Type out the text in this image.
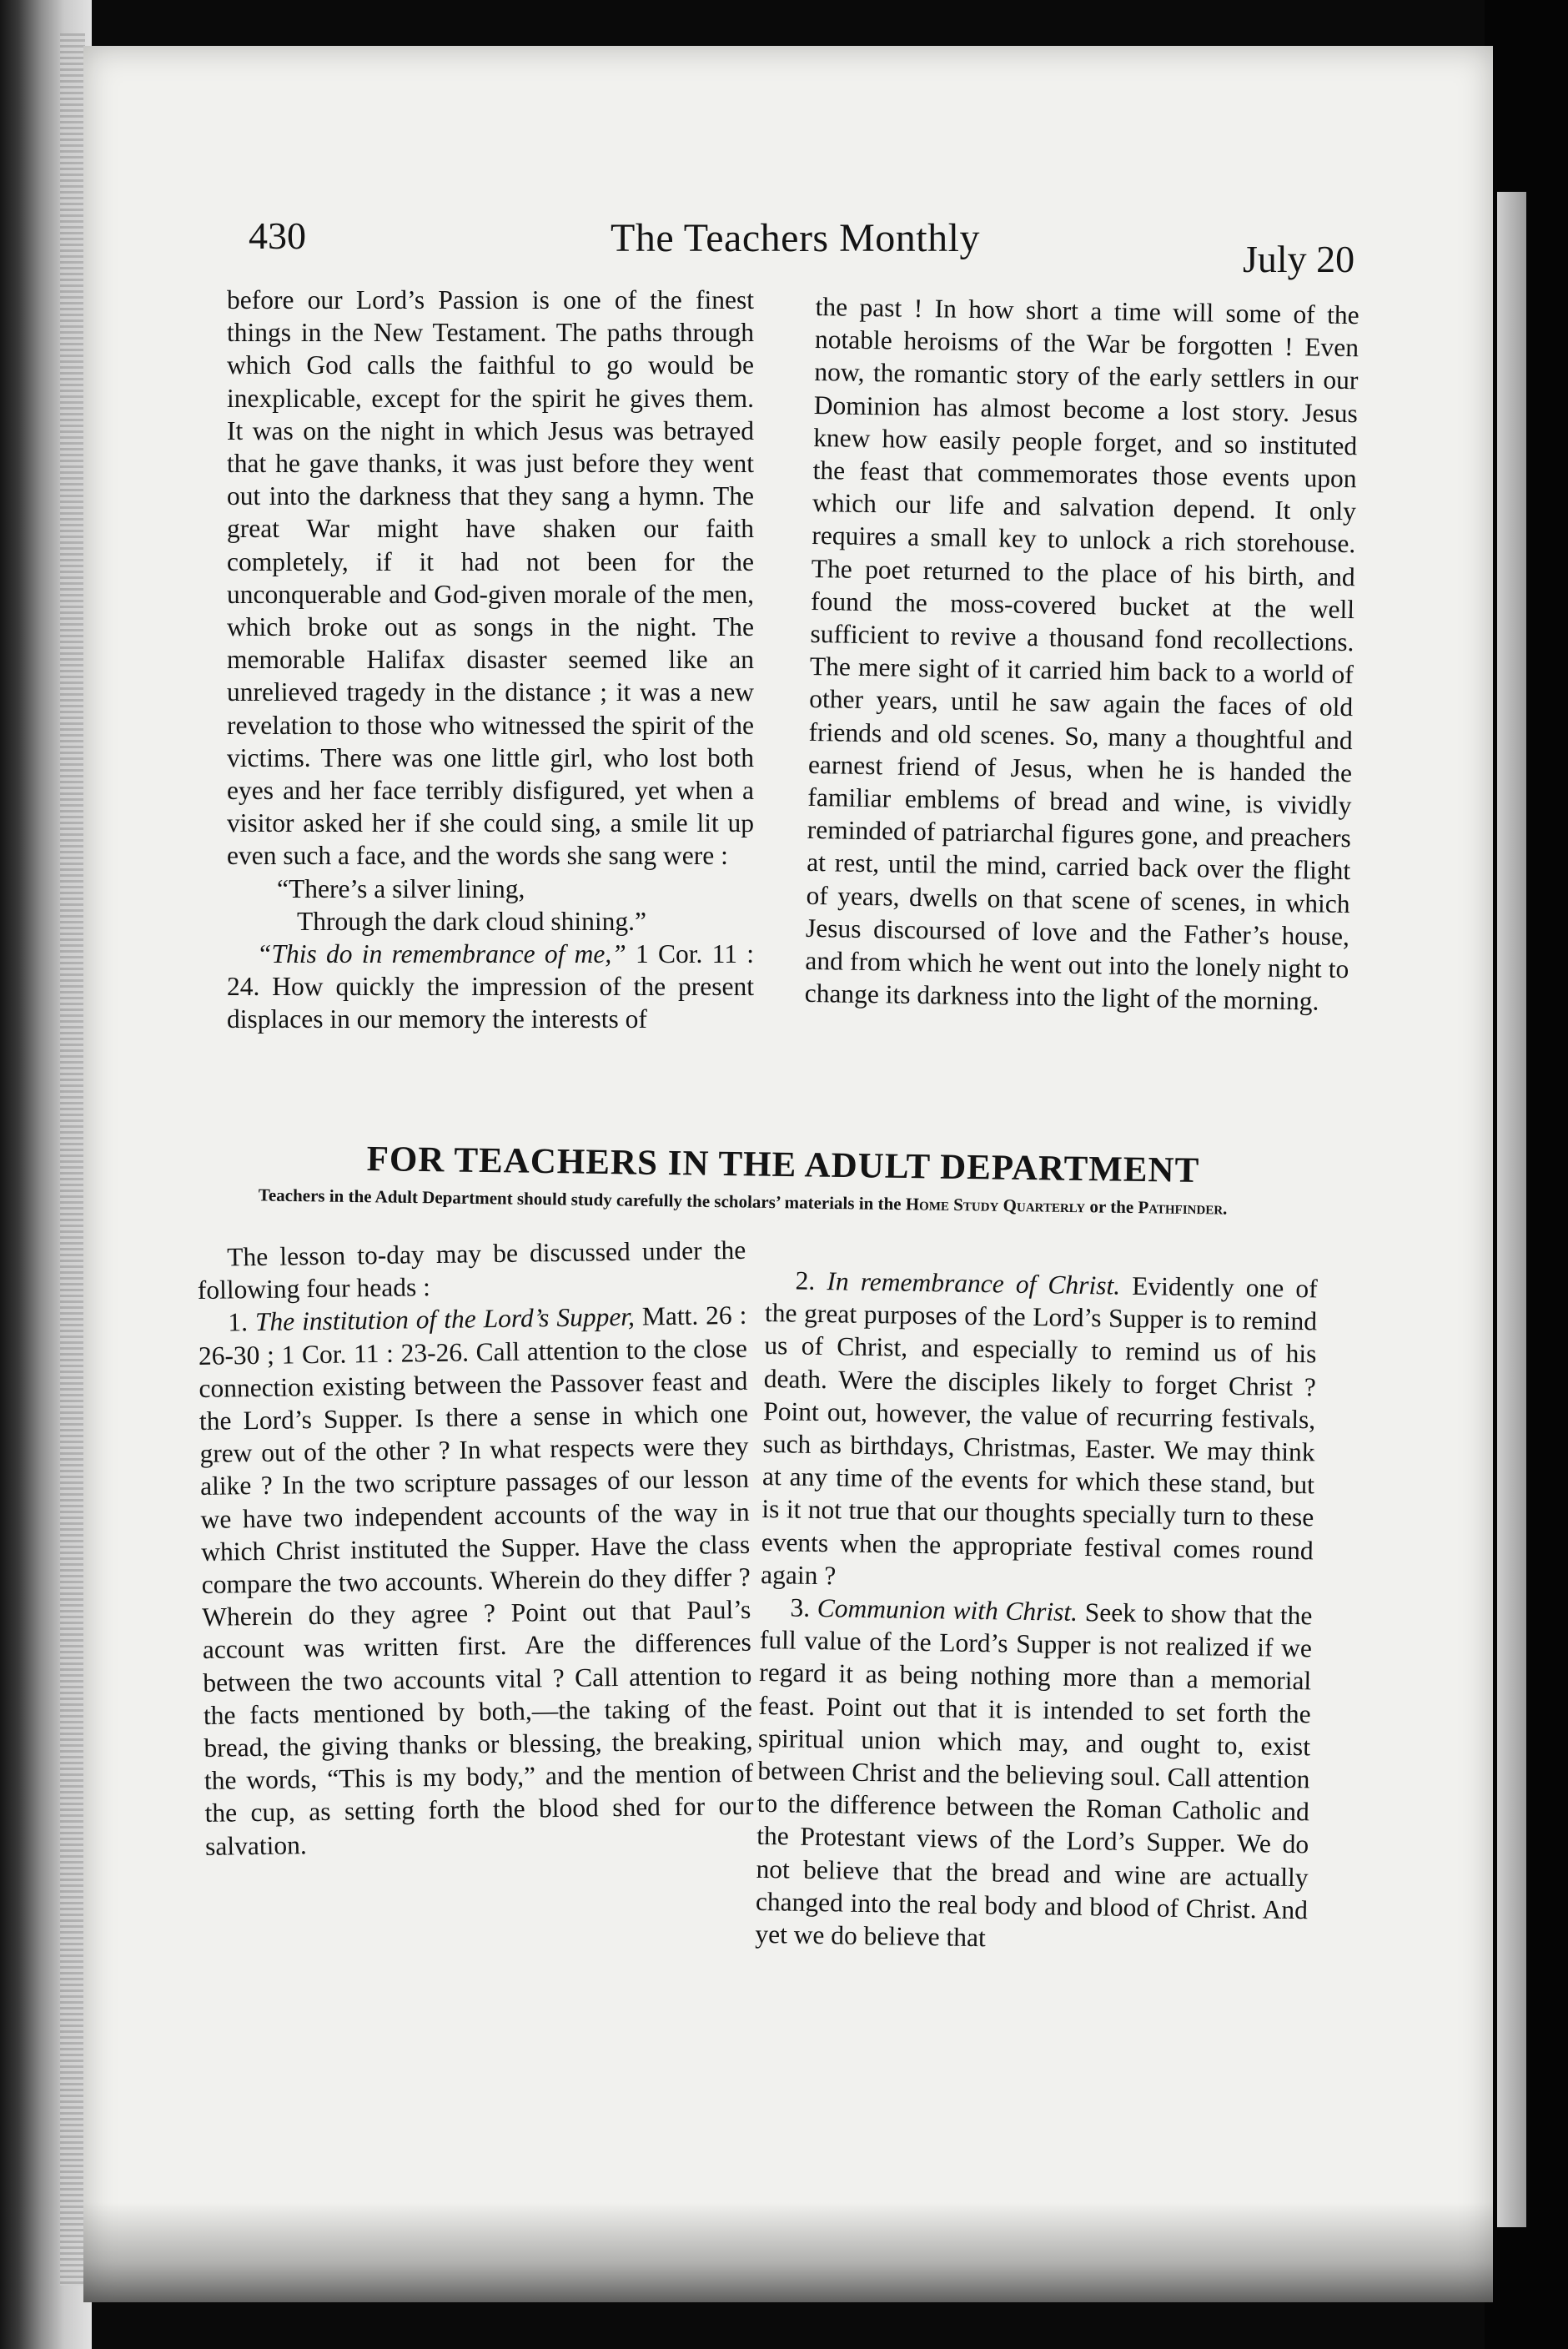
430	The Teachers Monthly	July 20

before our Lord’s Passion is one of the finest things in the New Testament. The paths through which God calls the faithful to go would be inexplicable, except for the spirit he gives them. It was on the night in which Jesus was betrayed that he gave thanks, it was just before they went out into the darkness that they sang a hymn. The great War might have shaken our faith completely, if it had not been for the unconquerable and God-given morale of the men, which broke out as songs in the night. The memorable Halifax disaster seemed like an unrelieved tragedy in the distance ; it was a new revelation to those who witnessed the spirit of the victims. There was one little girl, who lost both eyes and her face terribly disfigured, yet when a visitor asked her if she could sing, a smile lit up even such a face, and the words she sang were :

“There’s a silver lining,
Through the dark cloud shining.”

“This do in remembrance of me,” 1 Cor. 11 : 24. How quickly the impression of the present displaces in our memory the interests of

the past ! In how short a time will some of the notable heroisms of the War be forgotten ! Even now, the romantic story of the early settlers in our Dominion has almost become a lost story. Jesus knew how easily people forget, and so instituted the feast that commemorates those events upon which our life and salvation depend. It only requires a small key to unlock a rich storehouse. The poet returned to the place of his birth, and found the moss-covered bucket at the well sufficient to revive a thousand fond recollections. The mere sight of it carried him back to a world of other years, until he saw again the faces of old friends and old scenes. So, many a thoughtful and earnest friend of Jesus, when he is handed the familiar emblems of bread and wine, is vividly reminded of patriarchal figures gone, and preachers at rest, until the mind, carried back over the flight of years, dwells on that scene of scenes, in which Jesus discoursed of love and the Father’s house, and from which he went out into the lonely night to change its darkness into the light of the morning.

FOR TEACHERS IN THE ADULT DEPARTMENT
Teachers in the Adult Department should study carefully the scholars’ materials in the Home Study Quarterly or the Pathfinder.

The lesson to-day may be discussed under the following four heads :

1. The institution of the Lord’s Supper, Matt. 26 : 26-30 ; 1 Cor. 11 : 23-26. Call attention to the close connection existing between the Passover feast and the Lord’s Supper. Is there a sense in which one grew out of the other ? In what respects were they alike ? In the two scripture passages of our lesson we have two independent accounts of the way in which Christ instituted the Supper. Have the class compare the two accounts. Wherein do they differ ? Wherein do they agree ? Point out that Paul’s account was written first. Are the differences between the two accounts vital ? Call attention to the facts mentioned by both,—the taking of the bread, the giving thanks or blessing, the breaking, the words, “This is my body,” and the mention of the cup, as setting forth the blood shed for our salvation.

2. In remembrance of Christ. Evidently one of the great purposes of the Lord’s Supper is to remind us of Christ, and especially to remind us of his death. Were the disciples likely to forget Christ ? Point out, however, the value of recurring festivals, such as birthdays, Christmas, Easter. We may think at any time of the events for which these stand, but is it not true that our thoughts specially turn to these events when the appropriate festival comes round again ?

3. Communion with Christ. Seek to show that the full value of the Lord’s Supper is not realized if we regard it as being nothing more than a memorial feast. Point out that it is intended to set forth the spiritual union which may, and ought to, exist between Christ and the believing soul. Call attention to the difference between the Roman Catholic and the Protestant views of the Lord’s Supper. We do not believe that the bread and wine are actually changed into the real body and blood of Christ. And yet we do believe that
